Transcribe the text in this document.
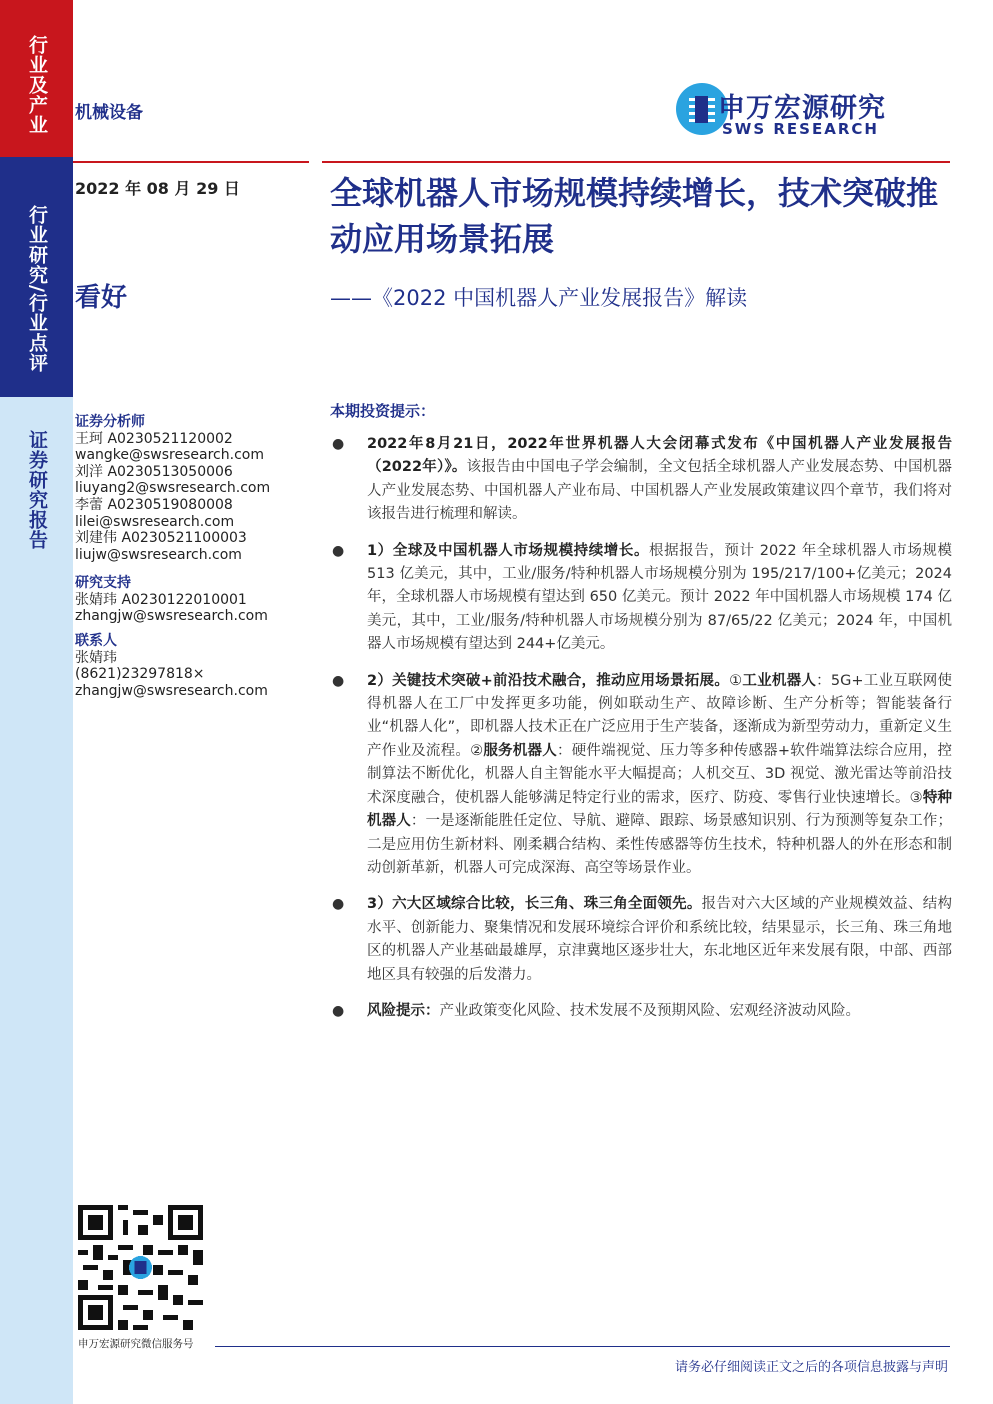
行业及产业
行业研究/行业点评
证券研究报告
机械设备	申万宏源研究
SWS RESEARCH
2022 年 08 月 29 日
看好
全球机器人市场规模持续增长，技术突破推动应用场景拓展
——《2022 中国机器人产业发展报告》解读
证券分析师
王珂 A0230521120002
wangke@swsresearch.com
刘洋 A0230513050006
liuyang2@swsresearch.com
李蕾 A0230519080008
lilei@swsresearch.com
刘建伟 A0230521100003
liujw@swsresearch.com
研究支持
张婧玮 A0230122010001
zhangjw@swsresearch.com
联系人
张婧玮
(8621)23297818×
zhangjw@swsresearch.com
本期投资提示：
● 2022年8月21日，2022年世界机器人大会闭幕式发布《中国机器人产业发展报告（2022年）》。该报告由中国电子学会编制，全文包括全球机器人产业发展态势、中国机器人产业发展态势、中国机器人产业布局、中国机器人产业发展政策建议四个章节，我们将对该报告进行梳理和解读。
● 1）全球及中国机器人市场规模持续增长。根据报告，预计 2022 年全球机器人市场规模 513 亿美元，其中，工业/服务/特种机器人市场规模分别为 195/217/100+亿美元；2024 年，全球机器人市场规模有望达到 650 亿美元。预计 2022 年中国机器人市场规模 174 亿美元，其中，工业/服务/特种机器人市场规模分别为 87/65/22 亿美元；2024 年，中国机器人市场规模有望达到 244+亿美元。
● 2）关键技术突破+前沿技术融合，推动应用场景拓展。①工业机器人：5G+工业互联网使得机器人在工厂中发挥更多功能，例如联动生产、故障诊断、生产分析等；智能装备行业“机器人化”，即机器人技术正在广泛应用于生产装备，逐渐成为新型劳动力，重新定义生产作业及流程。②服务机器人：硬件端视觉、压力等多种传感器+软件端算法综合应用，控制算法不断优化，机器人自主智能水平大幅提高；人机交互、3D 视觉、激光雷达等前沿技术深度融合，使机器人能够满足特定行业的需求，医疗、防疫、零售行业快速增长。③特种机器人：一是逐渐能胜任定位、导航、避障、跟踪、场景感知识别、行为预测等复杂工作；二是应用仿生新材料、刚柔耦合结构、柔性传感器等仿生技术，特种机器人的外在形态和制动创新革新，机器人可完成深海、高空等场景作业。
● 3）六大区域综合比较，长三角、珠三角全面领先。报告对六大区域的产业规模效益、结构水平、创新能力、聚集情况和发展环境综合评价和系统比较，结果显示，长三角、珠三角地区的机器人产业基础最雄厚，京津冀地区逐步壮大，东北地区近年来发展有限，中部、西部地区具有较强的后发潜力。
● 风险提示：产业政策变化风险、技术发展不及预期风险、宏观经济波动风险。
申万宏源研究微信服务号
请务必仔细阅读正文之后的各项信息披露与声明
